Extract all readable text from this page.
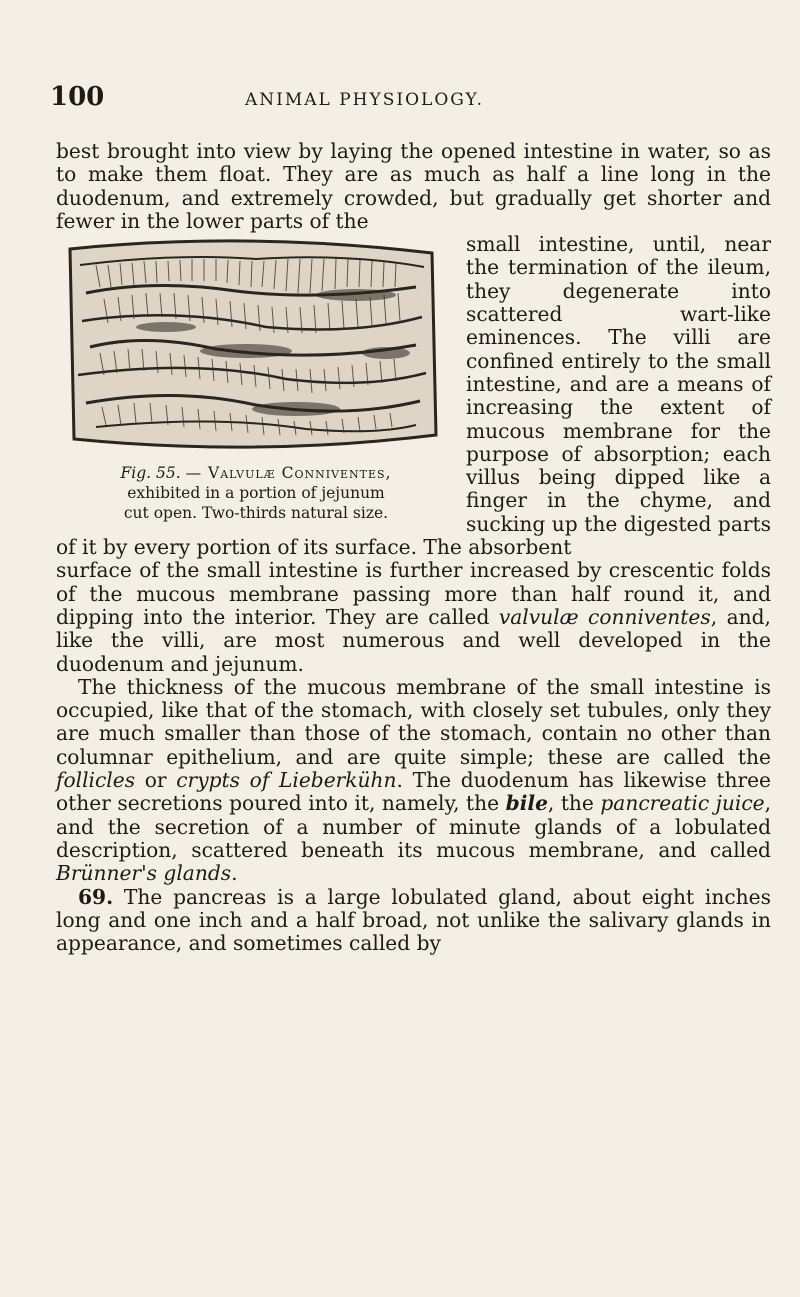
100	ANIMAL PHYSIOLOGY.

best brought into view by laying the opened intestine in water, so as to make them float. They are as much as half a line long in the duodenum, and extremely crowded, but gradually get shorter and fewer in the lower parts of the

Fig. 55. — Valvulæ Conniventes,
exhibited in a portion of jejunum
cut open. Two-thirds natural size.

small intestine, until, near the termination of the ileum, they degenerate into scattered wart-like eminences. The villi are confined entirely to the small intestine, and are a means of increasing the extent of mucous membrane for the purpose of absorption; each villus being dipped like a finger in the chyme, and sucking up the digested parts of it by every portion of its surface. The absorbent

surface of the small intestine is further increased by crescentic folds of the mucous membrane passing more than half round it, and dipping into the interior. They are called valvulæ conniventes, and, like the villi, are most numerous and well developed in the duodenum and jejunum.

The thickness of the mucous membrane of the small intestine is occupied, like that of the stomach, with closely set tubules, only they are much smaller than those of the stomach, contain no other than columnar epithelium, and are quite simple; these are called the follicles or crypts of Lieberkühn. The duodenum has likewise three other secretions poured into it, namely, the bile, the pancreatic juice, and the secretion of a number of minute glands of a lobulated description, scattered beneath its mucous membrane, and called Brünner's glands.

69. The pancreas is a large lobulated gland, about eight inches long and one inch and a half broad, not unlike the salivary glands in appearance, and sometimes called by
